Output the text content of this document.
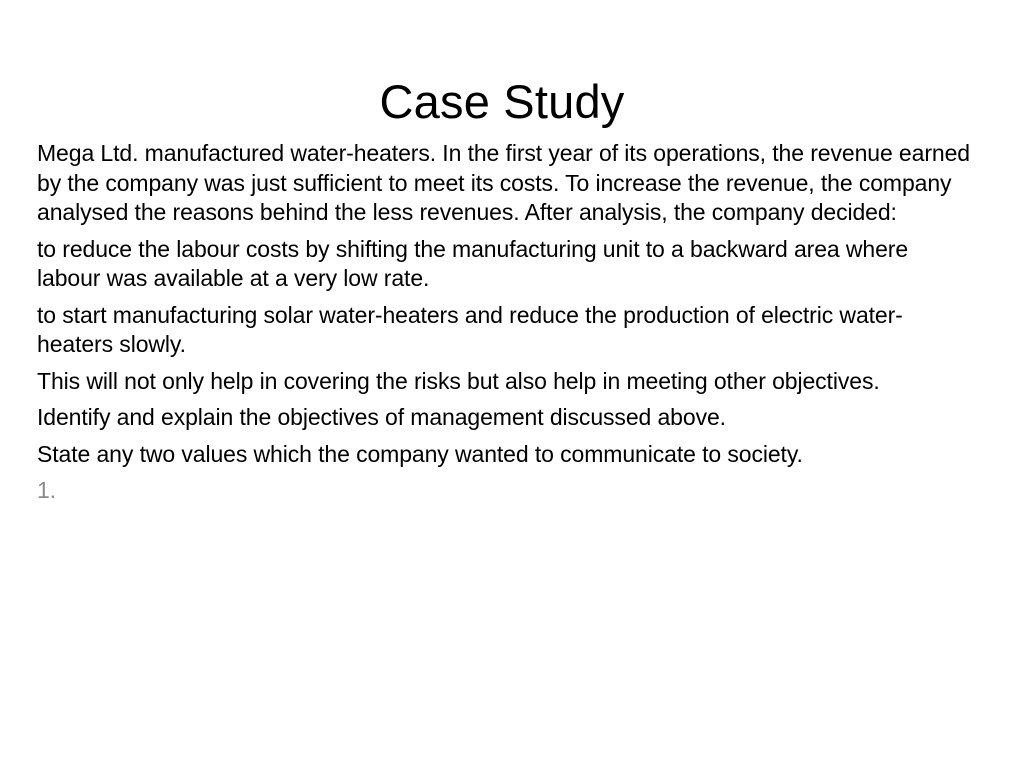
Case Study

Mega Ltd. manufactured water-heaters. In the first year of its operations, the revenue earned by the company was just sufficient to meet its costs. To increase the revenue, the company analysed the reasons behind the less revenues. After analysis, the company decided:

to reduce the labour costs by shifting the manufacturing unit to a backward area where labour was available at a very low rate.

to start manufacturing solar water-heaters and reduce the production of electric water- heaters slowly.

This will not only help in covering the risks but also help in meeting other objectives.

Identify and explain the objectives of management discussed above.

State any two values which the company wanted to communicate to society.

1.
